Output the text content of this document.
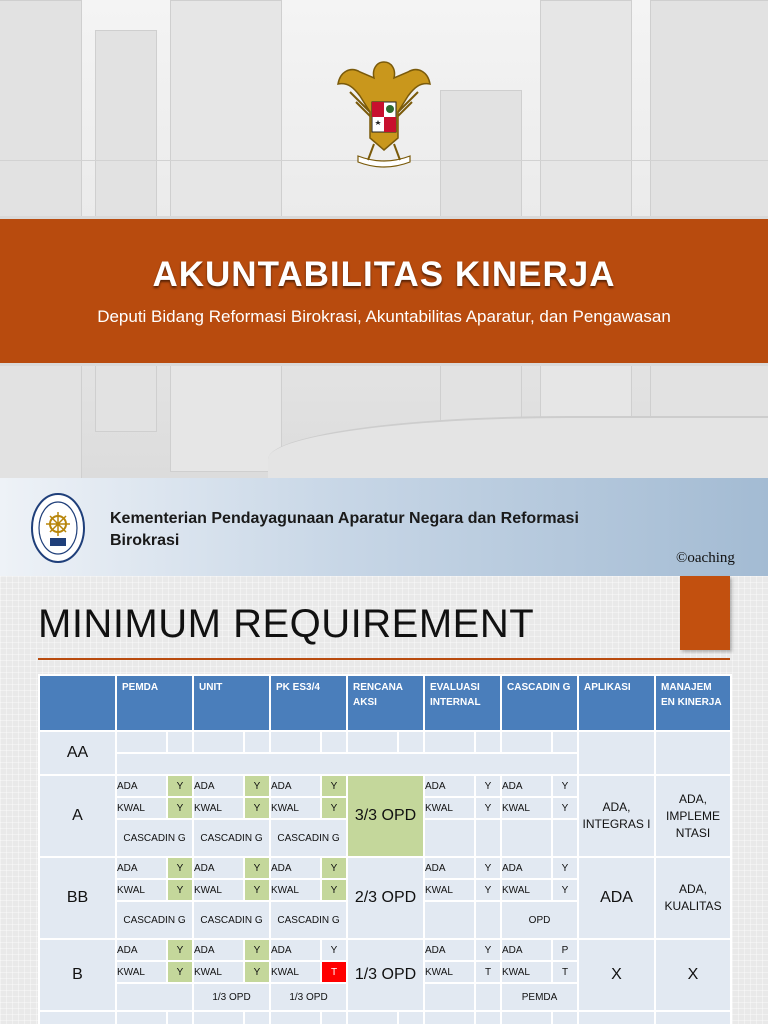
AKUNTABILITAS KINERJA
Deputi Bidang Reformasi Birokrasi, Akuntabilitas Aparatur, dan Pengawasan
Kementerian Pendayagunaan Aparatur Negara dan Reformasi Birokrasi
©oaching
MINIMUM REQUIREMENT
	PEMDA		UNIT		PK ES3/4		RENCANA AKSI		EVALUASI INTERNAL		CASCADIN G		APLIKASI	MANAJEM EN KINERJA
AA														

A	ADA	Y	ADA	Y	ADA	Y	3/3 OPD		ADA	Y	ADA	Y	ADA, INTEGRAS I	ADA, IMPLEME NTASI
	KWAL	Y	KWAL	Y	KWAL	Y			KWAL	Y	KWAL	Y		
	CASCADIN G		CASCADIN G		CASCADIN G									
BB	ADA	Y	ADA	Y	ADA	Y	2/3 OPD		ADA	Y	ADA	Y	ADA	ADA, KUALITAS
	KWAL	Y	KWAL	Y	KWAL	Y			KWAL	Y	KWAL	Y		
	CASCADIN G		CASCADIN G		CASCADIN G						OPD			
B	ADA	Y	ADA	Y	ADA	Y	1/3 OPD		ADA	Y	ADA	P	X	X
	KWAL	Y	KWAL	Y	KWAL	T			KWAL	T	KWAL	T		
			1/3 OPD		1/3 OPD						PEMDA			
